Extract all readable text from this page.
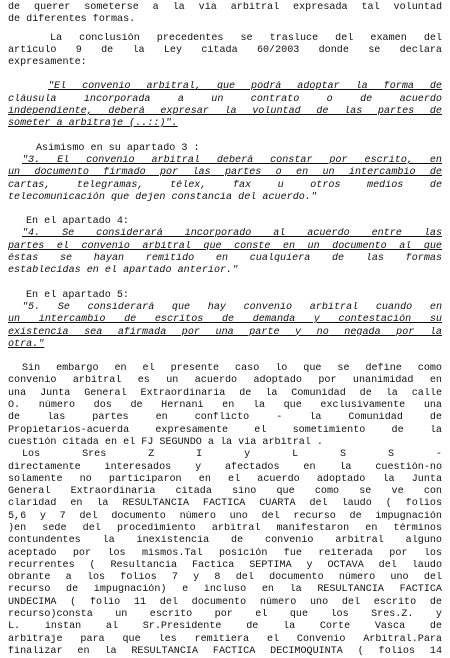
de querer someterse a la vía arbitral expresada tal voluntad
de diferentes formas.
La conclusión precedentes se trasluce del examen del
artículo 9 de la Ley citada 60/2003 donde se declara
expresamente:
"El convenio arbitral, que podrá adoptar la forma de
cláusula incorporada a un contrato o de acuerdo
independiente, deberá expresar la voluntad de las partes de
someter a arbitraje (..::)".
Asimismo en su apartado 3 :
"3. El convenio arbitral deberá constar por escrito, en
un documento firmado por las partes o en un intercambio de
cartas, telegramas, télex, fax u otros medios de
telecomunicación que dejen constancia del acuerdo."
En el apartado 4:
"4. Se considerará incorporado al acuerdo entre las
partes el convenio arbitral que conste en un documento al que
éstas se hayan remitido en cualquiera de las formas
establecidas en el apartado anterior."
En el apartado 5:
"5. Se considerará que hay convenio arbitral cuando en
un intercambio de escritos de demanda y contestación su
existencia sea afirmada por una parte y no negada por la
otra."
Sin embargo en el presente caso lo que se define como
convenio arbitral es un acuerdo adoptado por unanimidad en
una Junta General Extraordinaria de la Comunidad de la calle
O. número dos de Hernani en la que exclusivamente una
de las partes en conflicto - la Comunidad de
Propietarios-acuerda expresamente el sometimiento de la
cuestión citada en el FJ SEGUNDO a la vía arbitral .
Los Sres Z I y L S S -
directamente interesados y afectados en la cuestión-no
solamente no participaron en el acuerdo adoptado la Junta
General Extraordinaria citada sino que como se ve con
claridad en la RESULTANCIA FACTICA CUARTA del laudo ( folios
5,6 y 7 del documento número uno del recurso de impugnación
)en sede del procedimiento arbitral manifestaron en términos
contundentes la inexistencia de convenio arbitral alguno
aceptado por los mismos.Tal posición fue reiterada por los
recurrentes ( Resultancia Factica SEPTIMA y OCTAVA del laudo
obrante a los folios 7 y 8 del documento número uno del
recurso de impugnación) e incluso en la RESULTANCIA FACTICA
UNDECIMA ( folio 11 del documento número uno del escrito de
recurso)consta un escrito por el que los Sres.Z. y
L. instan al Sr.Presidente de la Corte Vasca de
arbitraje para que les remitiera el Convenio Arbitral.Para
finalizar en la RESULTANCIA FACTICA DECIMOQUINTA ( folios 14
